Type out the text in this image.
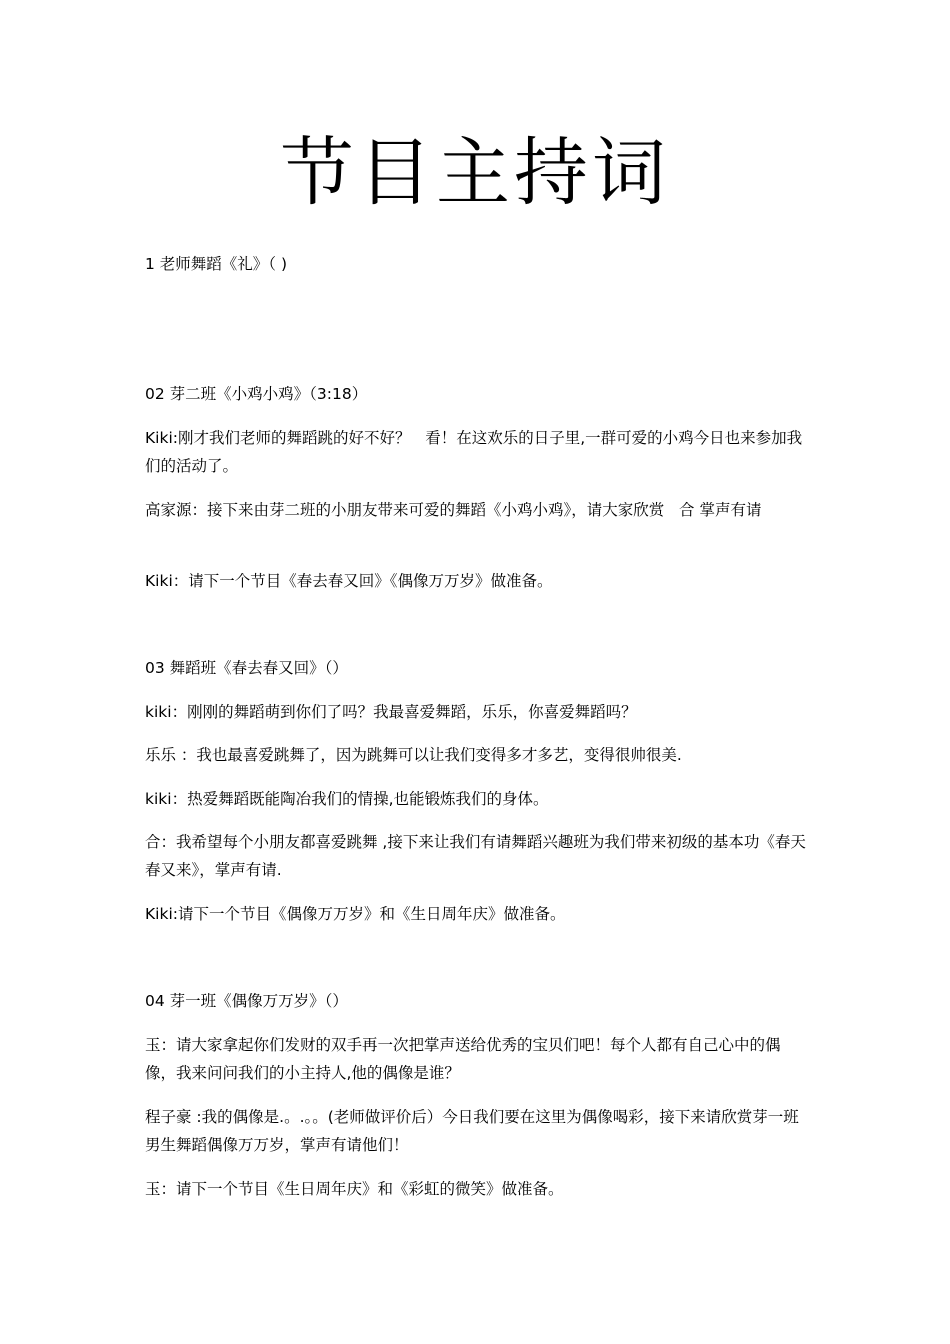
节目主持词
1 老师舞蹈《礼》（ )
02 芽二班《小鸡小鸡》（3:18）
Kiki:刚才我们老师的舞蹈跳的好不好？   看！在这欢乐的日子里,一群可爱的小鸡今日也来参加我们的活动了。
高家源：接下来由芽二班的小朋友带来可爱的舞蹈《小鸡小鸡》，请大家欣赏   合 掌声有请
Kiki：请下一个节目《春去春又回》《偶像万万岁》做准备。
03 舞蹈班《春去春又回》（）
kiki：刚刚的舞蹈萌到你们了吗？我最喜爱舞蹈，乐乐，你喜爱舞蹈吗？
乐乐 ：我也最喜爱跳舞了，因为跳舞可以让我们变得多才多艺，变得很帅很美.
kiki：热爱舞蹈既能陶冶我们的情操,也能锻炼我们的身体。
合：我希望每个小朋友都喜爱跳舞 ,接下来让我们有请舞蹈兴趣班为我们带来初级的基本功《春天春又来》，掌声有请.
Kiki:请下一个节目《偶像万万岁》和《生日周年庆》做准备。
04 芽一班《偶像万万岁》（）
玉：请大家拿起你们发财的双手再一次把掌声送给优秀的宝贝们吧！每个人都有自己心中的偶像，我来问问我们的小主持人,他的偶像是谁？
程子豪 :我的偶像是.。.。。(老师做评价后）今日我们要在这里为偶像喝彩，接下来请欣赏芽一班男生舞蹈偶像万万岁，掌声有请他们！
玉：请下一个节目《生日周年庆》和《彩虹的微笑》做准备。
